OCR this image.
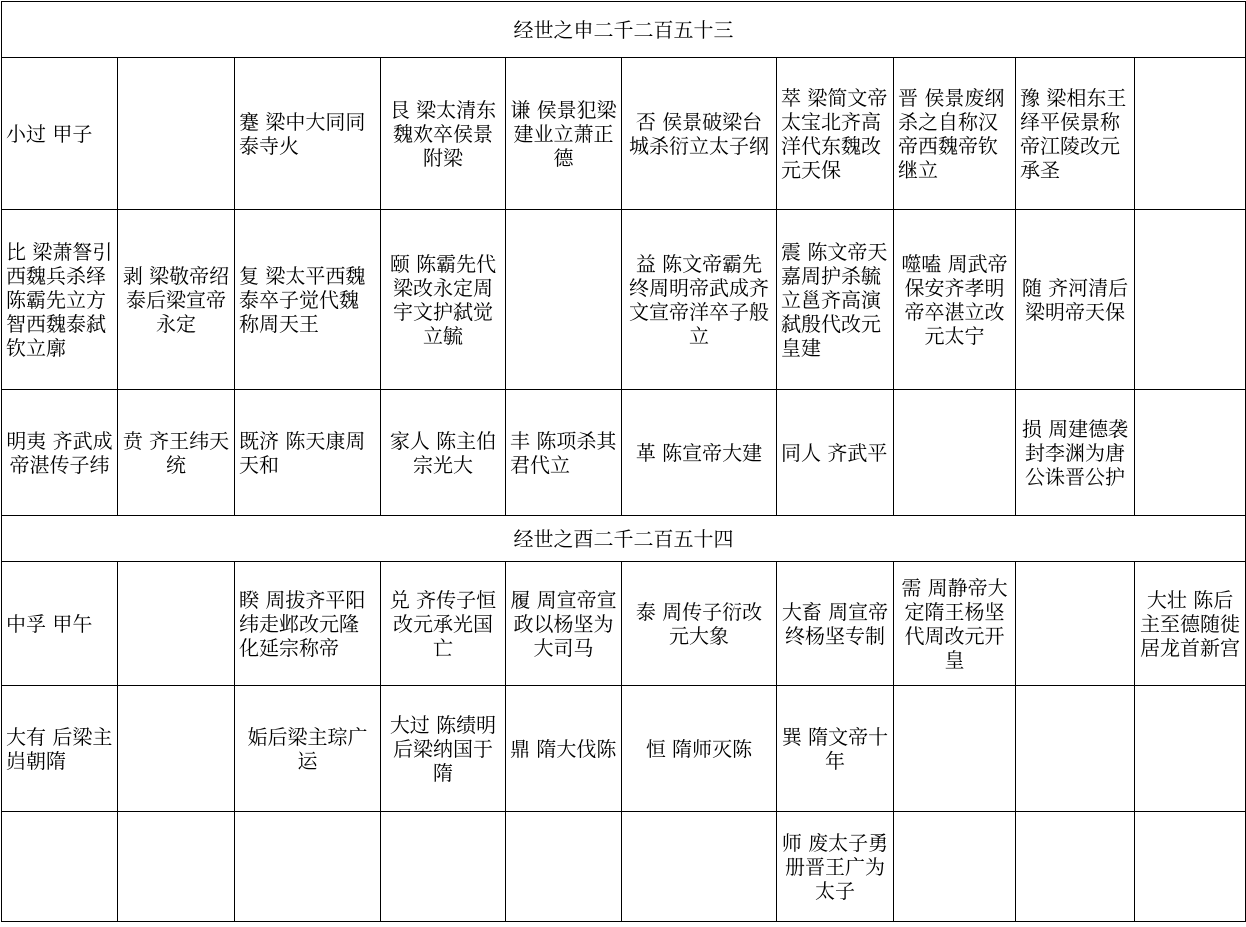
经世之申二千二百五十三									

小过 甲子		蹇 梁中大同同泰寺火	艮 梁太清东魏欢卒侯景附梁	谦 侯景犯梁建业立萧正德	否 侯景破梁台城杀衍立太子纲	萃 梁简文帝太宝北齐高洋代东魏改元天保	晋 侯景废纲杀之自称汉帝西魏帝钦继立	豫 梁相东王绎平侯景称帝江陵改元承圣	

比 梁萧詧引西魏兵杀绎陈霸先立方智西魏泰弑钦立廓	剥 梁敬帝绍泰后梁宣帝永定	复 梁太平西魏泰卒子觉代魏称周天王	颐 陈霸先代梁改永定周宇文护弑觉立毓		益 陈文帝霸先终周明帝武成齐文宣帝洋卒子般立	震 陈文帝天嘉周护杀毓立邕齐高演弑殷代改元皇建	噬嗑 周武帝保安齐孝明帝卒湛立改元太宁	随 齐河清后梁明帝天保	

明夷 齐武成帝湛传子纬	贲 齐王纬天统	既济 陈天康周天和	家人 陈主伯宗光大	丰 陈项杀其君代立	革 陈宣帝大建	同人 齐武平		损 周建德袭封李渊为唐公诛晋公护	

经世之酉二千二百五十四									

中孚 甲午		睽 周拔齐平阳纬走邺改元隆化延宗称帝	兑 齐传子恒改元承光国亡	履 周宣帝宣政以杨坚为大司马	泰 周传子衍改元大象	大畜 周宣帝终杨坚专制	需 周静帝大定隋王杨坚代周改元开皇		大壮 陈后主至德随徙居龙首新宫

大有 后梁主岿朝隋		姤后梁主琮广运	大过 陈绩明后梁纳国于隋	鼎 隋大伐陈	恒 隋师灭陈	巽 隋文帝十年			

						师 废太子勇册晋王广为太子			
